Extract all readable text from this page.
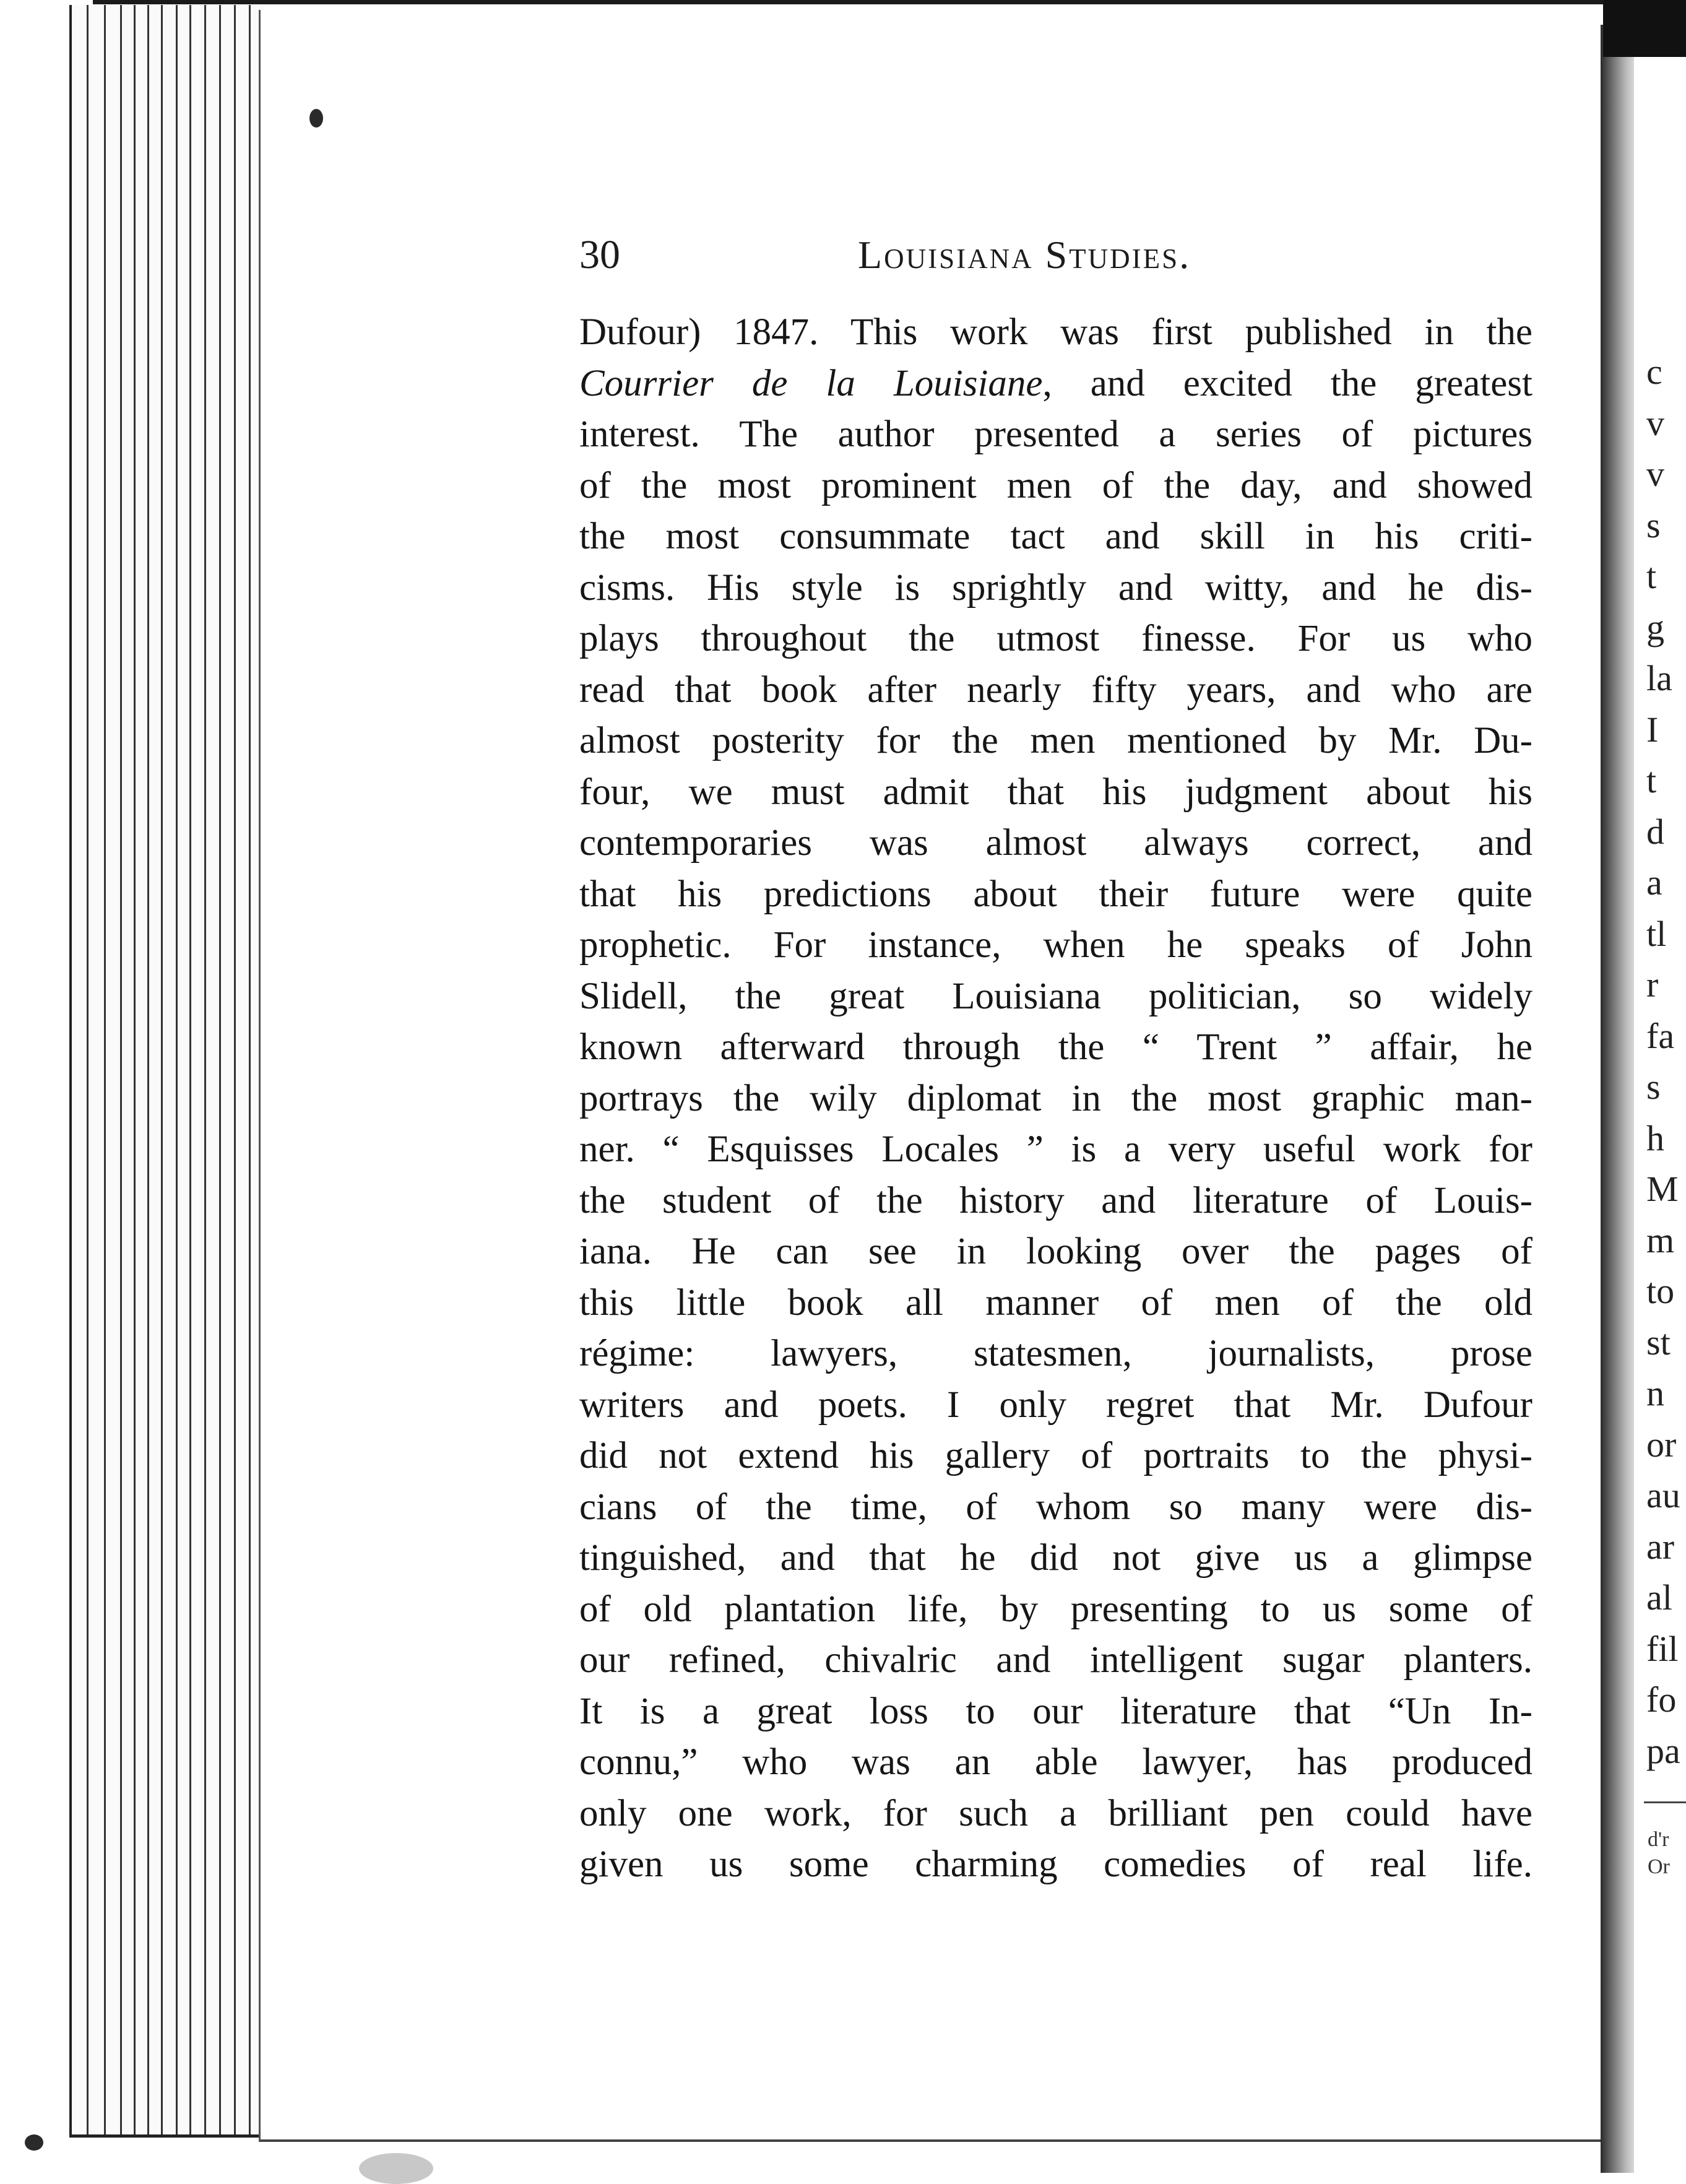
30	Louisiana Studies.
Dufour) 1847. This work was first published in the
Courrier de la Louisiane, and excited the greatest
interest. The author presented a series of pictures
of the most prominent men of the day, and showed
the most consummate tact and skill in his criti-
cisms. His style is sprightly and witty, and he dis-
plays throughout the utmost finesse. For us who
read that book after nearly fifty years, and who are
almost posterity for the men mentioned by Mr. Du-
four, we must admit that his judgment about his
contemporaries was almost always correct, and
that his predictions about their future were quite
prophetic. For instance, when he speaks of John
Slidell, the great Louisiana politician, so widely
known afterward through the “ Trent ” affair, he
portrays the wily diplomat in the most graphic man-
ner. “ Esquisses Locales ” is a very useful work for
the student of the history and literature of Louis-
iana. He can see in looking over the pages of
this little book all manner of men of the old
régime: lawyers, statesmen, journalists, prose
writers and poets. I only regret that Mr. Dufour
did not extend his gallery of portraits to the physi-
cians of the time, of whom so many were dis-
tinguished, and that he did not give us a glimpse
of old plantation life, by presenting to us some of
our refined, chivalric and intelligent sugar planters.
It is a great loss to our literature that “Un In-
connu,” who was an able lawyer, has produced
only one work, for such a brilliant pen could have
given us some charming comedies of real life.
c
v
v
s
t
g
la
I
t
d
a
tl
r
fa
s
h
M
m
to
st
n
or
au
ar
al
fil
fo
pa
d'r
Or
